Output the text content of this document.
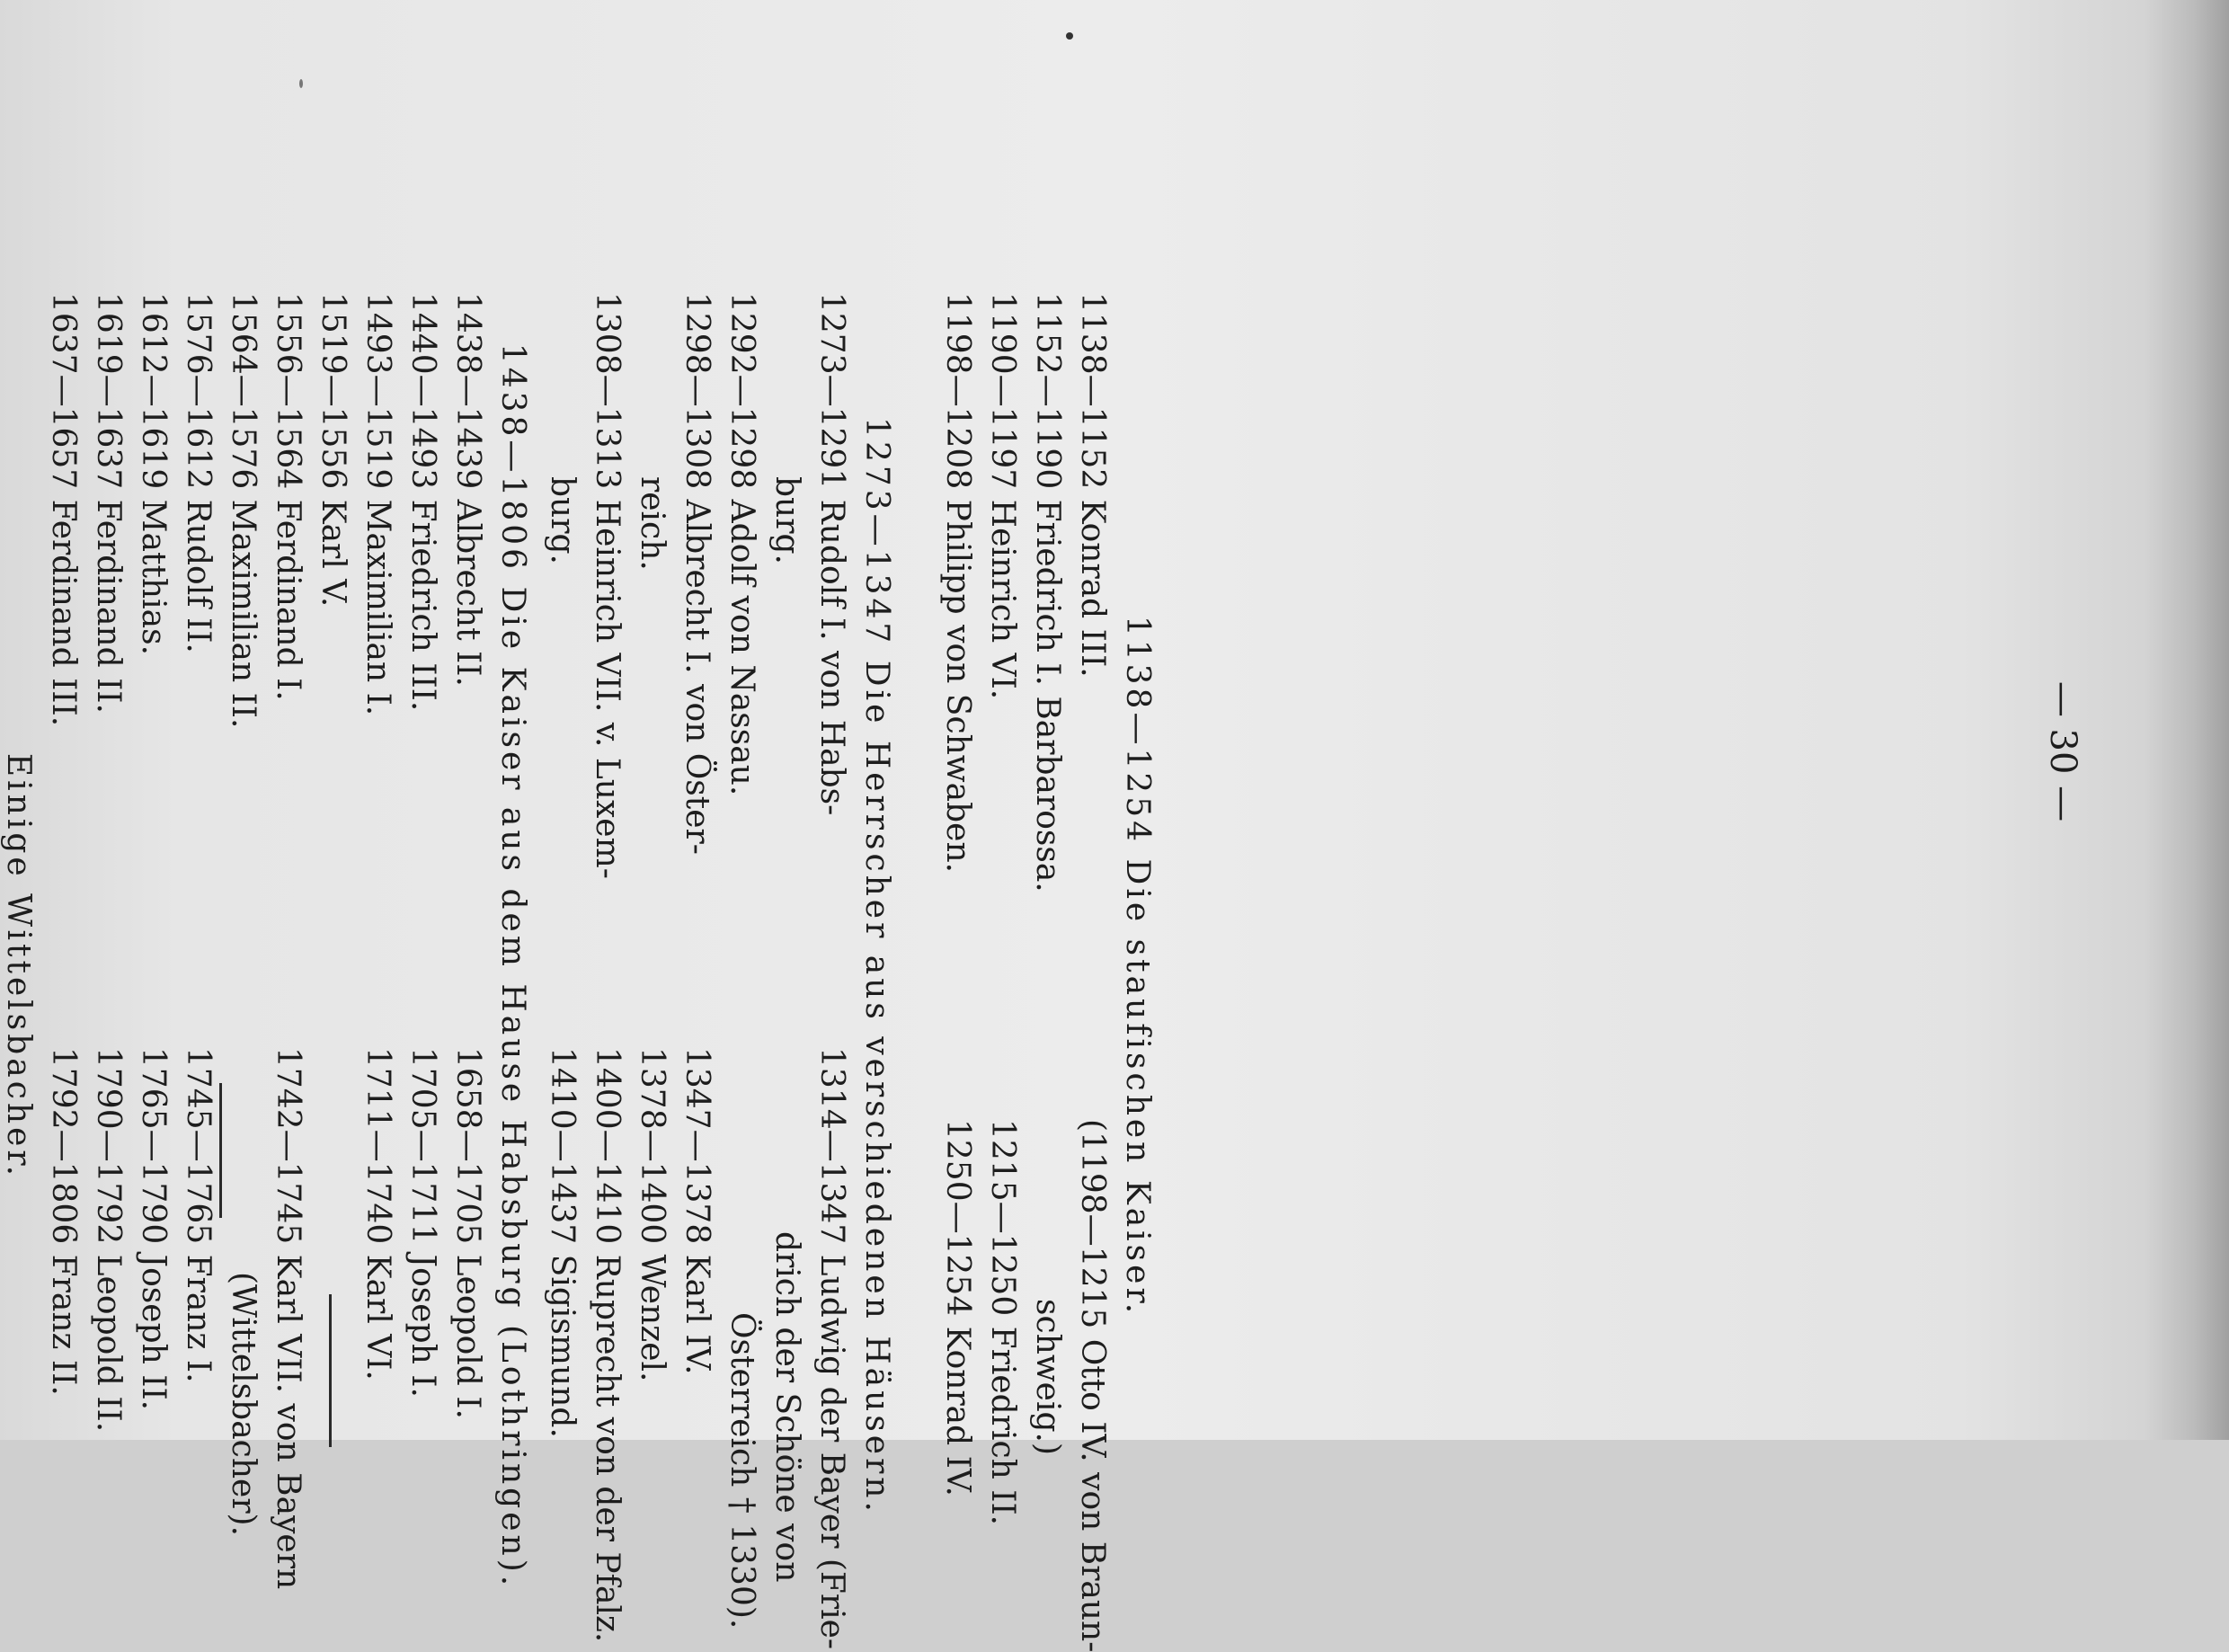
— 30 —
1138—1254 Die staufischen Kaiser.
1138—1152 Konrad III.
(1198—1215 Otto IV. von Braun-
1152—1190 Friedrich I. Barbarossa.
schweig.)
1190—1197 Heinrich VI.
1215—1250 Friedrich II.
1198—1208 Philipp von Schwaben.
1250—1254 Konrad IV.
1273—1347 Die Herrscher aus verschiedenen Häusern.
1273—1291 Rudolf I. von Habs-
1314—1347 Ludwig der Bayer (Frie-
burg.
drich der Schöne von
1292—1298 Adolf von Nassau.
Österreich † 1330).
1298—1308 Albrecht I. von Öster-
1347—1378 Karl IV.
reich.
1378—1400 Wenzel.
1308—1313 Heinrich VII. v. Luxem-
1400—1410 Ruprecht von der Pfalz.
burg.
1410—1437 Sigismund.
1438—1806 Die Kaiser aus dem Hause Habsburg (Lothringen).
1438—1439 Albrecht II.
1658—1705 Leopold I.
1440—1493 Friedrich III.
1705—1711 Joseph I.
1493—1519 Maximilian I.
1711—1740 Karl VI.
1519—1556 Karl V.
1556—1564 Ferdinand I.
1742—1745 Karl VII. von Bayern
1564—1576 Maximilian II.
(Wittelsbacher).
1576—1612 Rudolf II.
1745—1765 Franz I.
1612—1619 Matthias.
1765—1790 Joseph II.
1619—1637 Ferdinand II.
1790—1792 Leopold II.
1637—1657 Ferdinand III.
1792—1806 Franz II.
Einige Wittelsbacher.
